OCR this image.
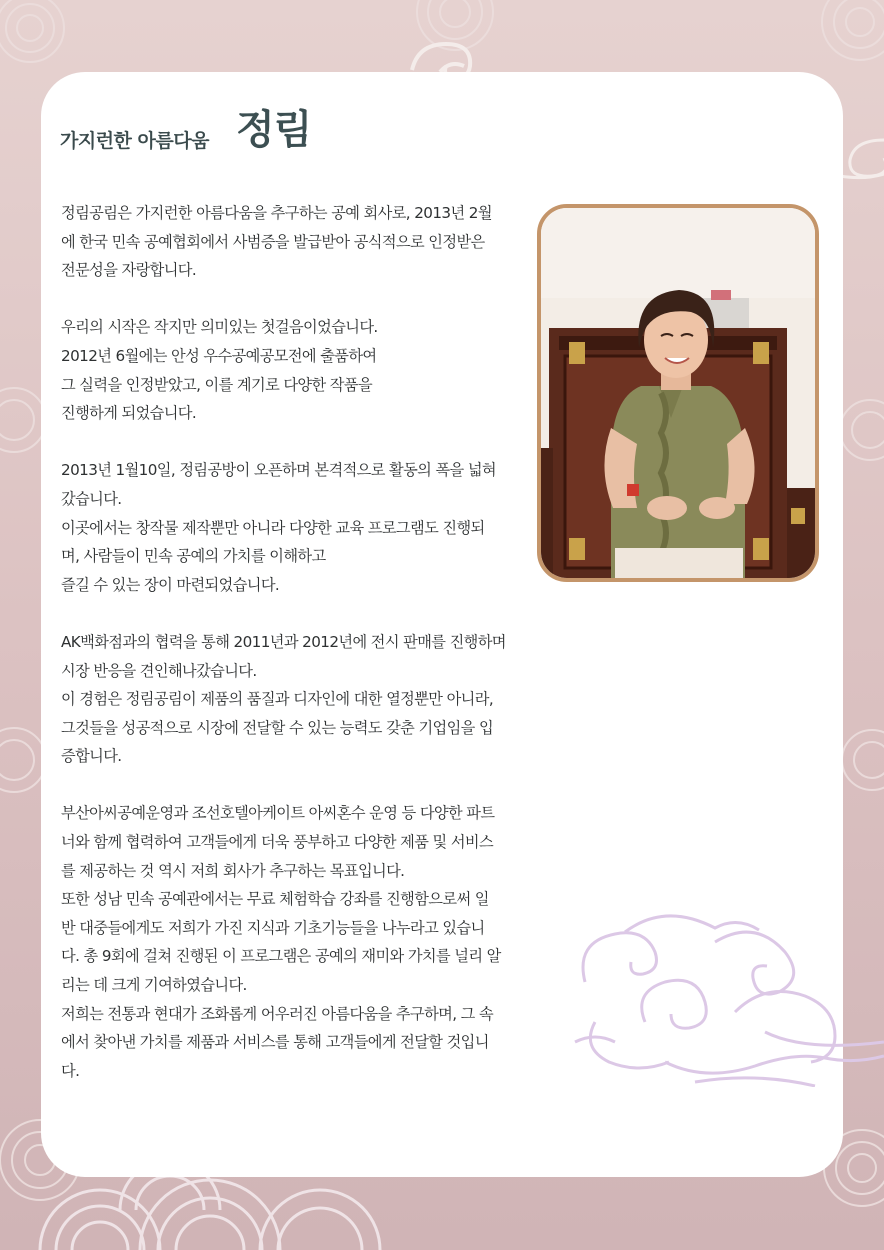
가지런한 아름다움 정림

정림공림은 가지런한 아름다움을 추구하는 공예 회사로, 2013년 2월
에 한국 민속 공예협회에서 사범증을 발급받아 공식적으로 인정받은
전문성을 자랑합니다.

우리의 시작은 작지만 의미있는 첫걸음이었습니다.
2012년 6월에는 안성 우수공예공모전에 출품하여
그 실력을 인정받았고, 이를 계기로 다양한 작품을
진행하게 되었습니다.

2013년 1월10일, 정림공방이 오픈하며 본격적으로 활동의 폭을 넓혀
갔습니다.
이곳에서는 창작물 제작뿐만 아니라 다양한 교육 프로그램도 진행되
며, 사람들이 민속 공예의 가치를 이해하고
즐길 수 있는 장이 마련되었습니다.

AK백화점과의 협력을 통해 2011년과 2012년에 전시 판매를 진행하며
시장 반응을 견인해나갔습니다.
이 경험은 정림공림이 제품의 품질과 디자인에 대한 열정뿐만 아니라,
그것들을 성공적으로 시장에 전달할 수 있는 능력도 갖춘 기업임을 입
증합니다.

부산아씨공예운영과 조선호텔아케이트 아씨혼수 운영 등 다양한 파트
너와 함께 협력하여 고객들에게 더욱 풍부하고 다양한 제품 및 서비스
를 제공하는 것 역시 저희 회사가 추구하는 목표입니다.
또한 성남 민속 공예관에서는 무료 체험학습 강좌를 진행함으로써 일
반 대중들에게도 저희가 가진 지식과 기초기능들을 나누라고 있습니
다. 총 9회에 걸쳐 진행된 이 프로그램은 공예의 재미와 가치를 널리 알
리는 데 크게 기여하였습니다.
저희는 전통과 현대가 조화롭게 어우러진 아름다움을 추구하며, 그 속
에서 찾아낸 가치를 제품과 서비스를 통해 고객들에게 전달할 것입니
다.
